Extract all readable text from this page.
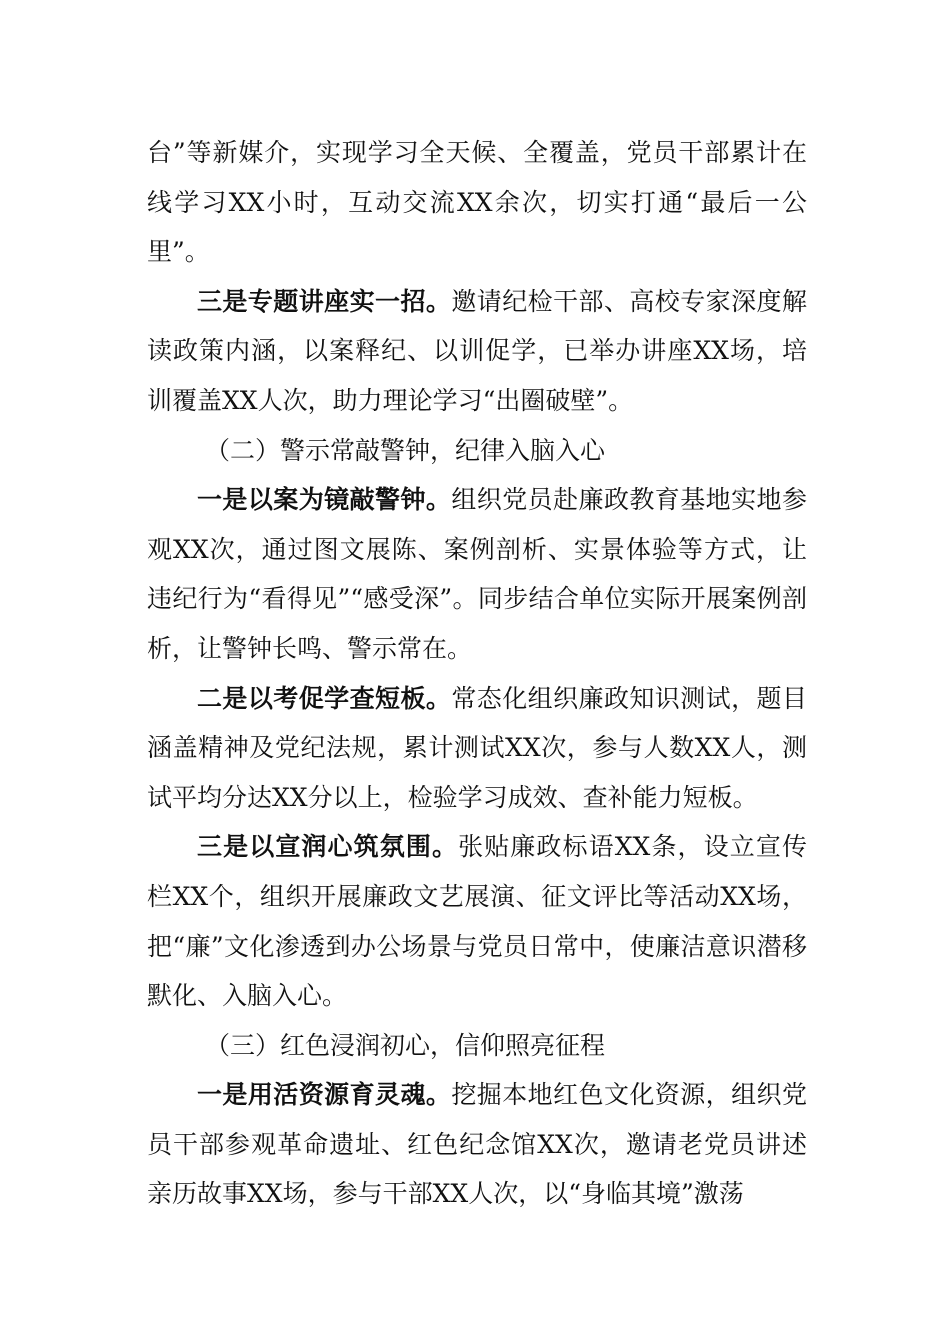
台”等新媒介，实现学习全天候、全覆盖，党员干部累计在线学习XX小时，互动交流XX余次，切实打通“最后一公里”。

三是专题讲座实一招。邀请纪检干部、高校专家深度解读政策内涵，以案释纪、以训促学，已举办讲座XX场，培训覆盖XX人次，助力理论学习“出圈破壁”。

（二）警示常敲警钟，纪律入脑入心

一是以案为镜敲警钟。组织党员赴廉政教育基地实地参观XX次，通过图文展陈、案例剖析、实景体验等方式，让违纪行为“看得见”“感受深”。同步结合单位实际开展案例剖析，让警钟长鸣、警示常在。

二是以考促学查短板。常态化组织廉政知识测试，题目涵盖精神及党纪法规，累计测试XX次，参与人数XX人，测试平均分达XX分以上，检验学习成效、查补能力短板。

三是以宣润心筑氛围。张贴廉政标语XX条，设立宣传栏XX个，组织开展廉政文艺展演、征文评比等活动XX场，把“廉”文化渗透到办公场景与党员日常中，使廉洁意识潜移默化、入脑入心。

（三）红色浸润初心，信仰照亮征程

一是用活资源育灵魂。挖掘本地红色文化资源，组织党员干部参观革命遗址、红色纪念馆XX次，邀请老党员讲述亲历故事XX场，参与干部XX人次，以“身临其境”激荡
